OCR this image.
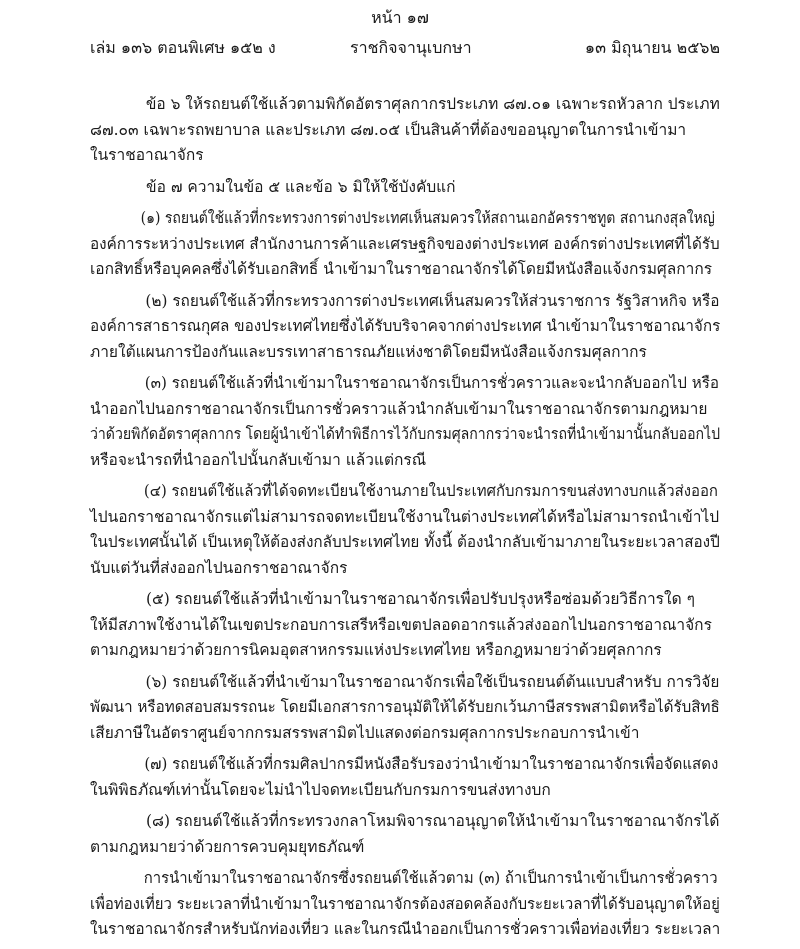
หน้า ๑๗
เล่ม ๑๓๖ ตอนพิเศษ ๑๕๒ ง	ราชกิจจานุเบกษา	๑๓ มิถุนายน ๒๕๖๒

ข้อ ๖ ให้รถยนต์ใช้แล้วตามพิกัดอัตราศุลกากรประเภท ๘๗.๐๑ เฉพาะรถหัวลาก ประเภท
๘๗.๐๓ เฉพาะรถพยาบาล และประเภท ๘๗.๐๕ เป็นสินค้าที่ต้องขออนุญาตในการนำเข้ามา
ในราชอาณาจักร

ข้อ ๗ ความในข้อ ๕ และข้อ ๖ มิให้ใช้บังคับแก่

(๑) รถยนต์ใช้แล้วที่กระทรวงการต่างประเทศเห็นสมควรให้สถานเอกอัครราชทูต สถานกงสุลใหญ่
องค์การระหว่างประเทศ สำนักงานการค้าและเศรษฐกิจของต่างประเทศ องค์กรต่างประเทศที่ได้รับ
เอกสิทธิ์หรือบุคคลซึ่งได้รับเอกสิทธิ์ นำเข้ามาในราชอาณาจักรได้โดยมีหนังสือแจ้งกรมศุลกากร

(๒) รถยนต์ใช้แล้วที่กระทรวงการต่างประเทศเห็นสมควรให้ส่วนราชการ รัฐวิสาหกิจ หรือ
องค์การสาธารณกุศล ของประเทศไทยซึ่งได้รับบริจาคจากต่างประเทศ นำเข้ามาในราชอาณาจักร
ภายใต้แผนการป้องกันและบรรเทาสาธารณภัยแห่งชาติโดยมีหนังสือแจ้งกรมศุลกากร

(๓) รถยนต์ใช้แล้วที่นำเข้ามาในราชอาณาจักรเป็นการชั่วคราวและจะนำกลับออกไป หรือ
นำออกไปนอกราชอาณาจักรเป็นการชั่วคราวแล้วนำกลับเข้ามาในราชอาณาจักรตามกฎหมาย
ว่าด้วยพิกัดอัตราศุลกากร โดยผู้นำเข้าได้ทำพิธีการไว้กับกรมศุลกากรว่าจะนำรถที่นำเข้ามานั้นกลับออกไป
หรือจะนำรถที่นำออกไปนั้นกลับเข้ามา แล้วแต่กรณี

(๔) รถยนต์ใช้แล้วที่ได้จดทะเบียนใช้งานภายในประเทศกับกรมการขนส่งทางบกแล้วส่งออก
ไปนอกราชอาณาจักรแต่ไม่สามารถจดทะเบียนใช้งานในต่างประเทศได้หรือไม่สามารถนำเข้าไป
ในประเทศนั้นได้ เป็นเหตุให้ต้องส่งกลับประเทศไทย ทั้งนี้ ต้องนำกลับเข้ามาภายในระยะเวลาสองปี
นับแต่วันที่ส่งออกไปนอกราชอาณาจักร

(๕) รถยนต์ใช้แล้วที่นำเข้ามาในราชอาณาจักรเพื่อปรับปรุงหรือซ่อมด้วยวิธีการใด ๆ
ให้มีสภาพใช้งานได้ในเขตประกอบการเสรีหรือเขตปลอดอากรแล้วส่งออกไปนอกราชอาณาจักร
ตามกฎหมายว่าด้วยการนิคมอุตสาหกรรมแห่งประเทศไทย หรือกฎหมายว่าด้วยศุลกากร

(๖) รถยนต์ใช้แล้วที่นำเข้ามาในราชอาณาจักรเพื่อใช้เป็นรถยนต์ต้นแบบสำหรับ การวิจัย
พัฒนา หรือทดสอบสมรรถนะ โดยมีเอกสารการอนุมัติให้ได้รับยกเว้นภาษีสรรพสามิตหรือได้รับสิทธิ
เสียภาษีในอัตราศูนย์จากกรมสรรพสามิตไปแสดงต่อกรมศุลกากรประกอบการนำเข้า

(๗) รถยนต์ใช้แล้วที่กรมศิลปากรมีหนังสือรับรองว่านำเข้ามาในราชอาณาจักรเพื่อจัดแสดง
ในพิพิธภัณฑ์เท่านั้นโดยจะไม่นำไปจดทะเบียนกับกรมการขนส่งทางบก

(๘) รถยนต์ใช้แล้วที่กระทรวงกลาโหมพิจารณาอนุญาตให้นำเข้ามาในราชอาณาจักรได้
ตามกฎหมายว่าด้วยการควบคุมยุทธภัณฑ์

การนำเข้ามาในราชอาณาจักรซึ่งรถยนต์ใช้แล้วตาม (๓) ถ้าเป็นการนำเข้าเป็นการชั่วคราว
เพื่อท่องเที่ยว ระยะเวลาที่นำเข้ามาในราชอาณาจักรต้องสอดคล้องกับระยะเวลาที่ได้รับอนุญาตให้อยู่
ในราชอาณาจักรสำหรับนักท่องเที่ยว และในกรณีนำออกเป็นการชั่วคราวเพื่อท่องเที่ยว ระยะเวลา
